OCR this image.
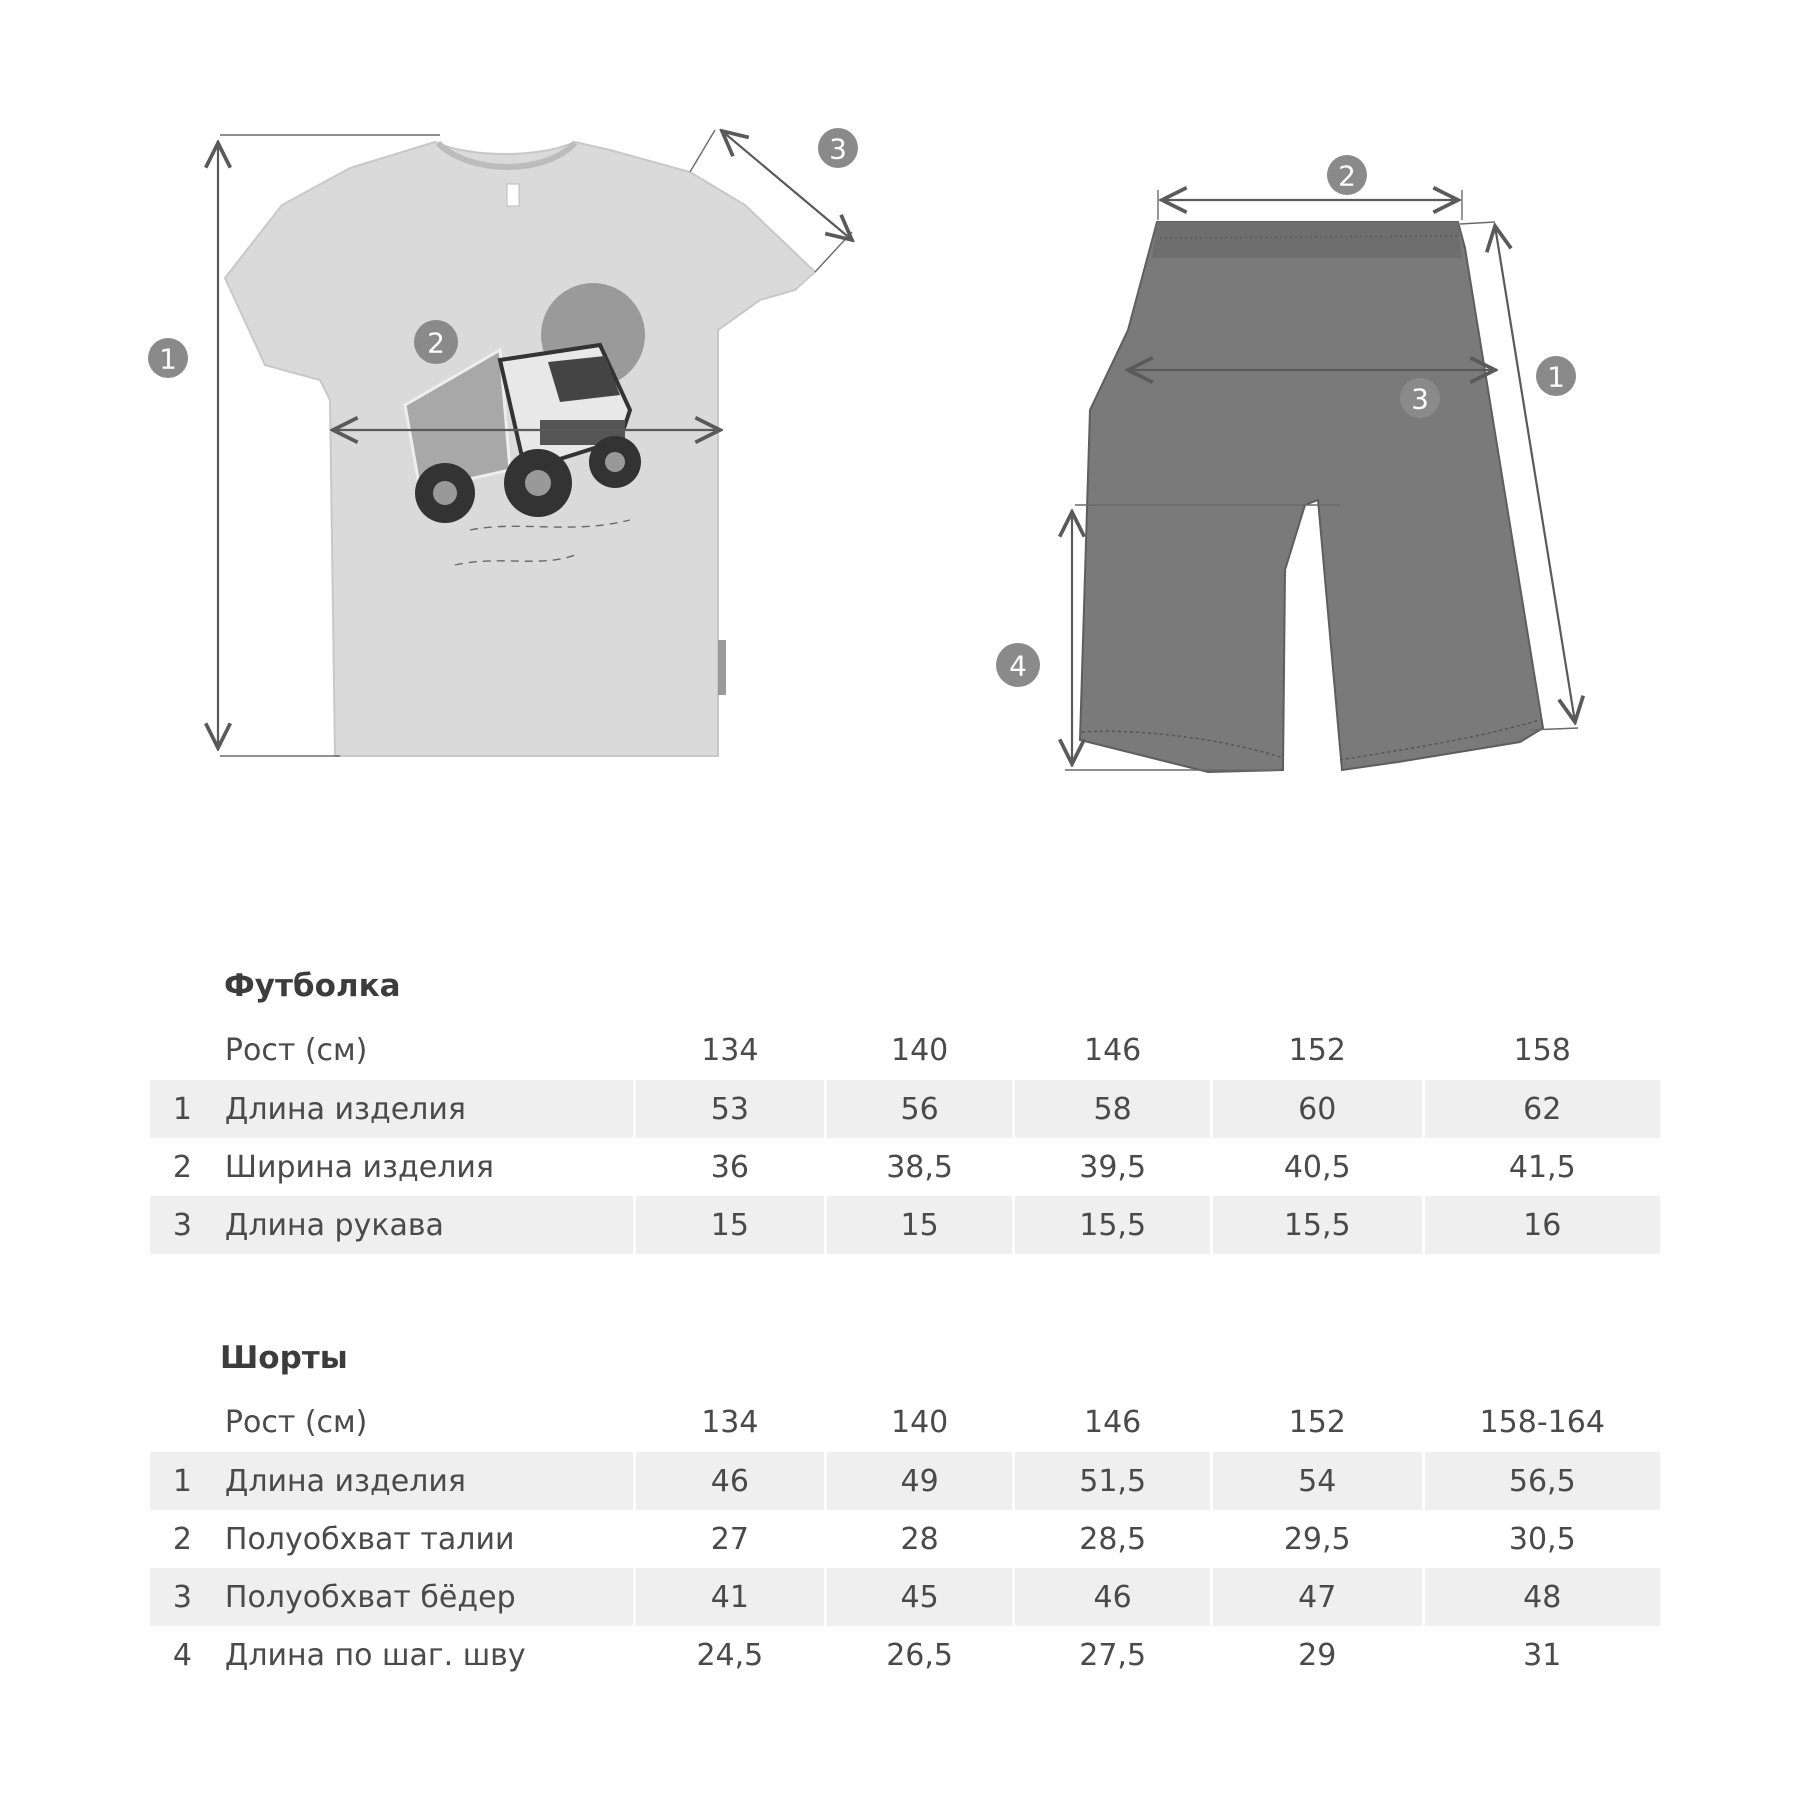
1	2
3
2
3
1
4
Футболка
Рост (см)	134	140	146	152	158
1	Длина изделия	53	56	58	60	62
2	Ширина изделия	36	38,5	39,5	40,5	41,5
3	Длина рукава	15	15	15,5	15,5	16
Шорты
Рост (см)	134	140	146	152	158-164
1	Длина изделия	46	49	51,5	54	56,5
2	Полуобхват талии	27	28	28,5	29,5	30,5
3	Полуобхват бёдер	41	45	46	47	48
4	Длина по шаг. шву	24,5	26,5	27,5	29	31
